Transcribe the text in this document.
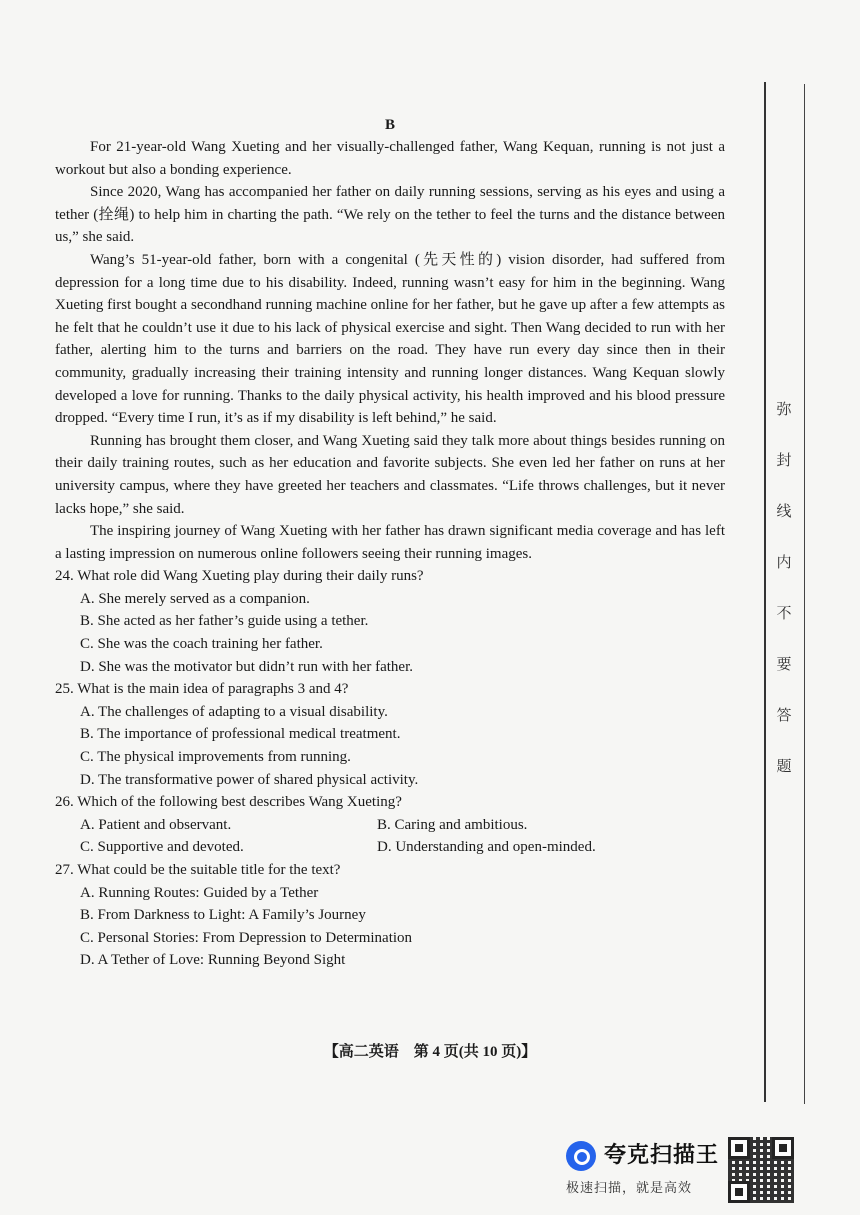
B

For 21-year-old Wang Xueting and her visually-challenged father, Wang Kequan, running is not just a workout but also a bonding experience.

Since 2020, Wang has accompanied her father on daily running sessions, serving as his eyes and using a tether (拴绳) to help him in charting the path. “We rely on the tether to feel the turns and the distance between us,” she said.

Wang’s 51-year-old father, born with a congenital (先天性的) vision disorder, had suffered from depression for a long time due to his disability. Indeed, running wasn’t easy for him in the beginning. Wang Xueting first bought a secondhand running machine online for her father, but he gave up after a few attempts as he felt that he couldn’t use it due to his lack of physical exercise and sight. Then Wang decided to run with her father, alerting him to the turns and barriers on the road. They have run every day since then in their community, gradually increasing their training intensity and running longer distances. Wang Kequan slowly developed a love for running. Thanks to the daily physical activity, his health improved and his blood pressure dropped. “Every time I run, it’s as if my disability is left behind,” he said.

Running has brought them closer, and Wang Xueting said they talk more about things besides running on their daily training routes, such as her education and favorite subjects. She even led her father on runs at her university campus, where they have greeted her teachers and classmates. “Life throws challenges, but it never lacks hope,” she said.

The inspiring journey of Wang Xueting with her father has drawn significant media coverage and has left a lasting impression on numerous online followers seeing their running images.

24. What role did Wang Xueting play during their daily runs?

A. She merely served as a companion.

B. She acted as her father’s guide using a tether.

C. She was the coach training her father.

D. She was the motivator but didn’t run with her father.

25. What is the main idea of paragraphs 3 and 4?

A. The challenges of adapting to a visual disability.

B. The importance of professional medical treatment.

C. The physical improvements from running.

D. The transformative power of shared physical activity.

26. Which of the following best describes Wang Xueting?

A. Patient and observant.	B. Caring and ambitious.
C. Supportive and devoted.	D. Understanding and open-minded.

27. What could be the suitable title for the text?

A. Running Routes: Guided by a Tether

B. From Darkness to Light: A Family’s Journey

C. Personal Stories: From Depression to Determination

D. A Tether of Love: Running Beyond Sight

【高二英语　第 4 页(共 10 页)】
弥
封
线
内
不
要
答
题
夸克扫描王
极速扫描，就是高效
